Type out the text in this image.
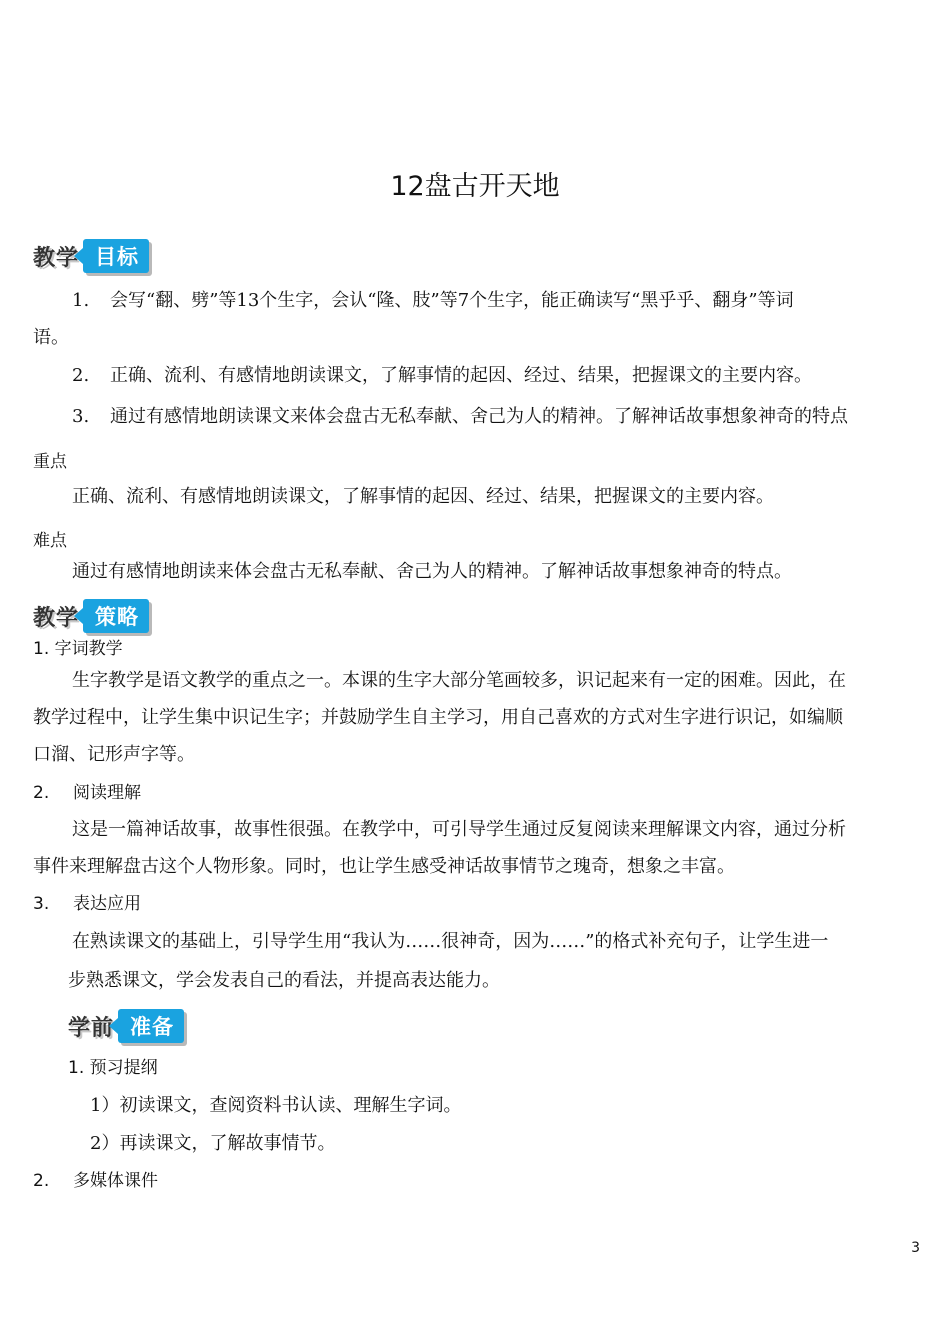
12盘古开天地
教学 目标
1. 会写“翻、劈”等13个生字，会认“隆、肢”等7个生字，能正确读写“黑乎乎、翻身”等词
语。
2. 正确、流利、有感情地朗读课文，了解事情的起因、经过、结果，把握课文的主要内容。
3. 通过有感情地朗读课文来体会盘古无私奉献、舍己为人的精神。了解神话故事想象神奇的特点
重点
正确、流利、有感情地朗读课文，了解事情的起因、经过、结果，把握课文的主要内容。
难点
通过有感情地朗读来体会盘古无私奉献、舍己为人的精神。了解神话故事想象神奇的特点。
教学 策略
1. 字词教学
生字教学是语文教学的重点之一。本课的生字大部分笔画较多，识记起来有一定的困难。因此，在
教学过程中，让学生集中识记生字；并鼓励学生自主学习，用自己喜欢的方式对生字进行识记，如编顺
口溜、记形声字等。
2. 阅读理解
这是一篇神话故事，故事性很强。在教学中，可引导学生通过反复阅读来理解课文内容，通过分析
事件来理解盘古这个人物形象。同时，也让学生感受神话故事情节之瑰奇，想象之丰富。
3. 表达应用
在熟读课文的基础上，引导学生用“我认为……很神奇，因为……”的格式补充句子，让学生进一
步熟悉课文，学会发表自己的看法，并提高表达能力。
学前 准备
1. 预习提纲
1）初读课文，查阅资料书认读、理解生字词。
2）再读课文，了解故事情节。
2. 多媒体课件
3
